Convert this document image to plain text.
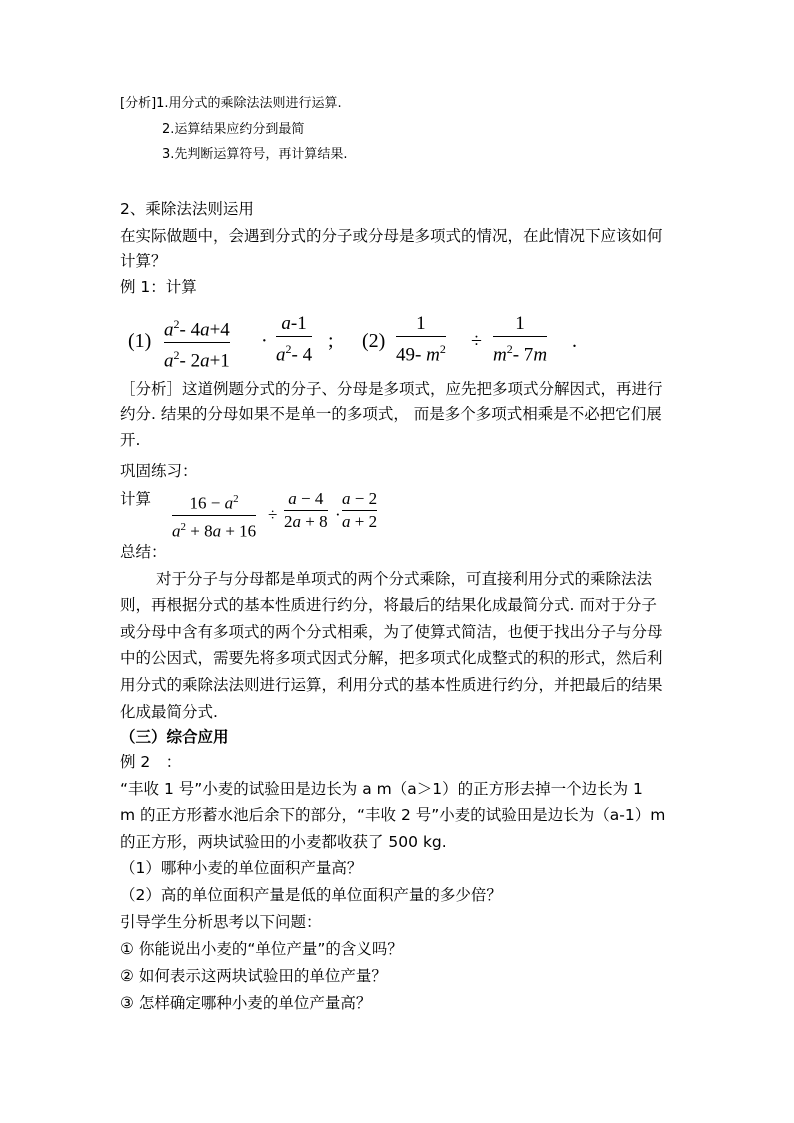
[分析]1.用分式的乘除法法则进行运算.
2.运算结果应约分到最简
3.先判断运算符号，再计算结果.
2、乘除法法则运用
在实际做题中，会遇到分式的分子或分母是多项式的情况，在此情况下应该如何
计算？
例 1：计算
(1)
$a^2-$ 4a+4
$a^2-$ 2a+1
·
a-1
$a^2-$ 4
; (2)
1
49- $m^2$ ÷
1
$m^2-$ 7m
.
［分析］这道例题分式的分子、分母是多项式，应先把多项式分解因式，再进行
约分. 结果的分母如果不是单一的多项式， 而是多个多项式相乘是不必把它们展
开.
巩固练习：
计算	$16 - a^2$
$a^2 + 8a + 16$
÷
a − 4
2a + 8 ·
a − 2
a + 2
总结：
对于分子与分母都是单项式的两个分式乘除，可直接利用分式的乘除法法
则，再根据分式的基本性质进行约分，将最后的结果化成最简分式. 而对于分子
或分母中含有多项式的两个分式相乘，为了使算式简洁，也便于找出分子与分母
中的公因式，需要先将多项式因式分解，把多项式化成整式的积的形式，然后利
用分式的乘除法法则进行运算，利用分式的基本性质进行约分，并把最后的结果
化成最简分式.
（三）综合应用
例 2　：
“丰收 1 号”小麦的试验田是边长为 a m（a＞1）的正方形去掉一个边长为 1
m 的正方形蓄水池后余下的部分，“丰收 2 号”小麦的试验田是边长为（a-1）m
的正方形，两块试验田的小麦都收获了 500 kg.
（1）哪种小麦的单位面积产量高？
（2）高的单位面积产量是低的单位面积产量的多少倍？
引导学生分析思考以下问题：
① 你能说出小麦的“单位产量”的含义吗？
② 如何表示这两块试验田的单位产量？
③ 怎样确定哪种小麦的单位产量高？
